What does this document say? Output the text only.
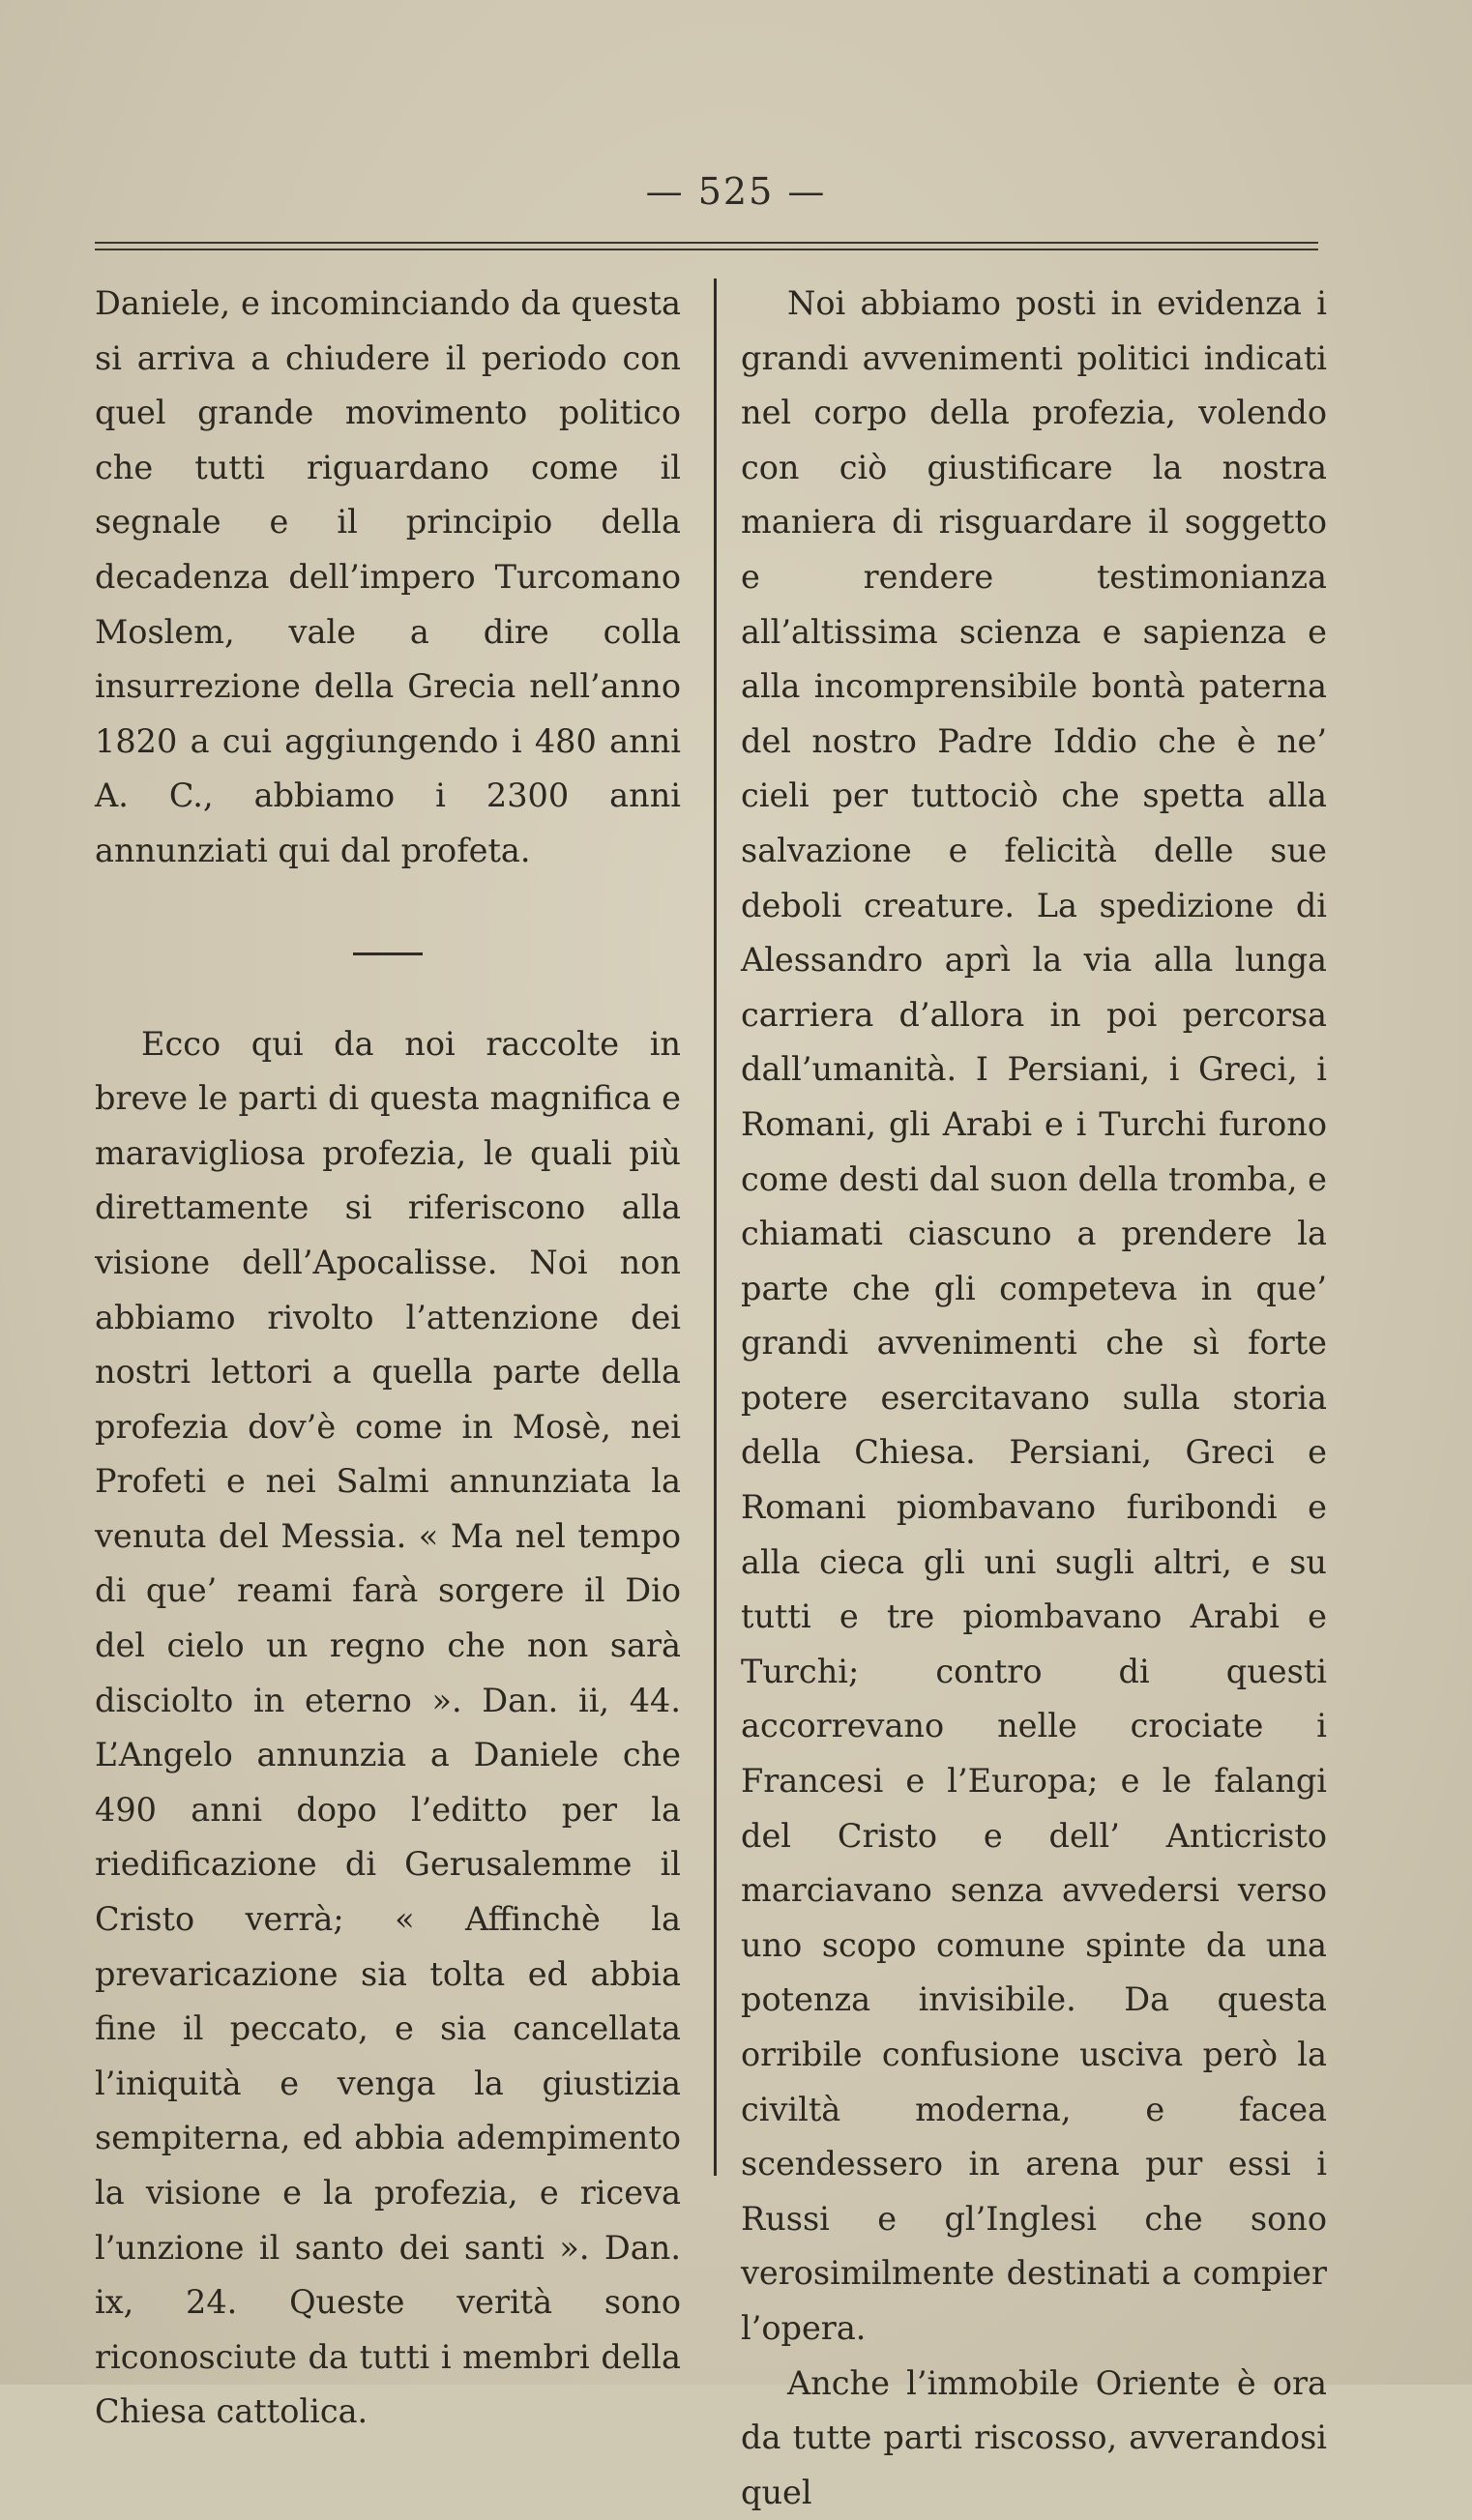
— 525 —

Daniele, e incominciando da questa si arriva a chiudere il periodo con quel grande movimento politico che tutti riguardano come il segnale e il principio della decadenza dell’impero Turcomano Moslem, vale a dire colla insurrezione della Grecia nell’anno 1820 a cui aggiungendo i 480 anni A. C., abbiamo i 2300 anni annunziati qui dal profeta.

Ecco qui da noi raccolte in breve le parti di questa magnifica e maravigliosa profezia, le quali più direttamente si riferiscono alla visione dell’Apocalisse. Noi non abbiamo rivolto l’attenzione dei nostri lettori a quella parte della profezia dov’è come in Mosè, nei Profeti e nei Salmi annunziata la venuta del Messia. « Ma nel tempo di que’ reami farà sorgere il Dio del cielo un regno che non sarà disciolto in eterno ». Dan. ii, 44. L’Angelo annunzia a Daniele che 490 anni dopo l’editto per la riedificazione di Gerusalemme il Cristo verrà; « Affinchè la prevaricazione sia tolta ed abbia fine il peccato, e sia cancellata l’iniquità e venga la giustizia sempiterna, ed abbia adempimento la visione e la profezia, e riceva l’unzione il santo dei santi ». Dan. ix, 24. Queste verità sono riconosciute da tutti i membri della Chiesa cattolica.

Noi abbiamo posti in evidenza i grandi avvenimenti politici indicati nel corpo della profezia, volendo con ciò giustificare la nostra maniera di risguardare il soggetto e rendere testimonianza all’altissima scienza e sapienza e alla incomprensibile bontà paterna del nostro Padre Iddio che è ne’ cieli per tuttociò che spetta alla salvazione e felicità delle sue deboli creature. La spedizione di Alessandro aprì la via alla lunga carriera d’allora in poi percorsa dall’umanità. I Persiani, i Greci, i Romani, gli Arabi e i Turchi furono come desti dal suon della tromba, e chiamati ciascuno a prendere la parte che gli competeva in que’ grandi avvenimenti che sì forte potere esercitavano sulla storia della Chiesa. Persiani, Greci e Romani piombavano furibondi e alla cieca gli uni sugli altri, e su tutti e tre piombavano Arabi e Turchi; contro di questi accorrevano nelle crociate i Francesi e l’Europa; e le falangi del Cristo e dell’ Anticristo marciavano senza avvedersi verso uno scopo comune spinte da una potenza invisibile. Da questa orribile confusione usciva però la civiltà moderna, e facea scendessero in arena pur essi i Russi e gl’Inglesi che sono verosimilmente destinati a compier l’opera.

Anche l’immobile Oriente è ora da tutte parti riscosso, avverandosi quel
